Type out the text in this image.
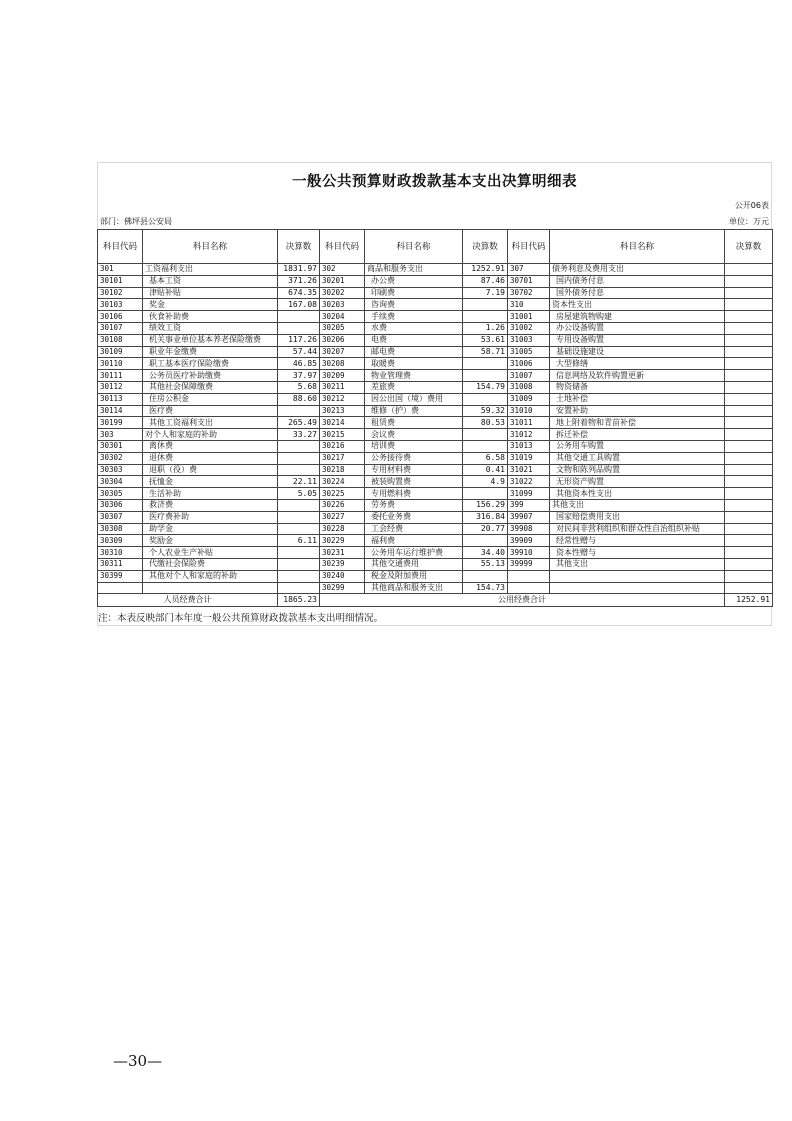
一般公共预算财政拨款基本支出决算明细表
公开06表
部门：佛坪县公安局	单位：万元
科目代码	科目名称	决算数	科目代码	科目名称	决算数	科目代码	科目名称	决算数
301	工资福利支出	1831.97	302	商品和服务支出	1252.91	307	债务利息及费用支出	
30101	基本工资	371.26	30201	办公费	87.46	30701	国内债务付息	
30102	津贴补贴	674.35	30202	印刷费	7.19	30702	国外债务付息	
30103	奖金	167.08	30203	咨询费		310	资本性支出	
30106	伙食补助费		30204	手续费		31001	房屋建筑物购建	
30107	绩效工资		30205	水费	1.26	31002	办公设备购置	
30108	机关事业单位基本养老保险缴费	117.26	30206	电费	53.61	31003	专用设备购置	
30109	职业年金缴费	57.44	30207	邮电费	58.71	31005	基础设施建设	
30110	职工基本医疗保险缴费	46.85	30208	取暖费		31006	大型修缮	
30111	公务员医疗补助缴费	37.97	30209	物业管理费		31007	信息网络及软件购置更新	
30112	其他社会保障缴费	5.68	30211	差旅费	154.79	31008	物资储备	
30113	住房公积金	88.60	30212	因公出国（境）费用		31009	土地补偿	
30114	医疗费		30213	维修（护）费	59.32	31010	安置补助	
30199	其他工资福利支出	265.49	30214	租赁费	80.53	31011	地上附着物和青苗补偿	
303	对个人和家庭的补助	33.27	30215	会议费		31012	拆迁补偿	
30301	离休费		30216	培训费		31013	公务用车购置	
30302	退休费		30217	公务接待费	6.58	31019	其他交通工具购置	
30303	退职（役）费		30218	专用材料费	0.41	31021	文物和陈列品购置	
30304	抚恤金	22.11	30224	被装购置费	4.9	31022	无形资产购置	
30305	生活补助	5.05	30225	专用燃料费		31099	其他资本性支出	
30306	救济费		30226	劳务费	156.29	399	其他支出	
30307	医疗费补助		30227	委托业务费	316.84	39907	国家赔偿费用支出	
30308	助学金		30228	工会经费	20.77	39908	对民间非营利组织和群众性自治组织补贴	
30309	奖励金	6.11	30229	福利费		39909	经常性赠与	
30310	个人农业生产补贴		30231	公务用车运行维护费	34.40	39910	资本性赠与	
30311	代缴社会保险费		30239	其他交通费用	55.13	39999	其他支出	
30399	其他对个人和家庭的补助		30240	税金及附加费用				
			30299	其他商品和服务支出	154.73			
人员经费合计		1865.23	公用经费合计					1252.91
注：本表反映部门本年度一般公共预算财政拨款基本支出明细情况。
—30—
